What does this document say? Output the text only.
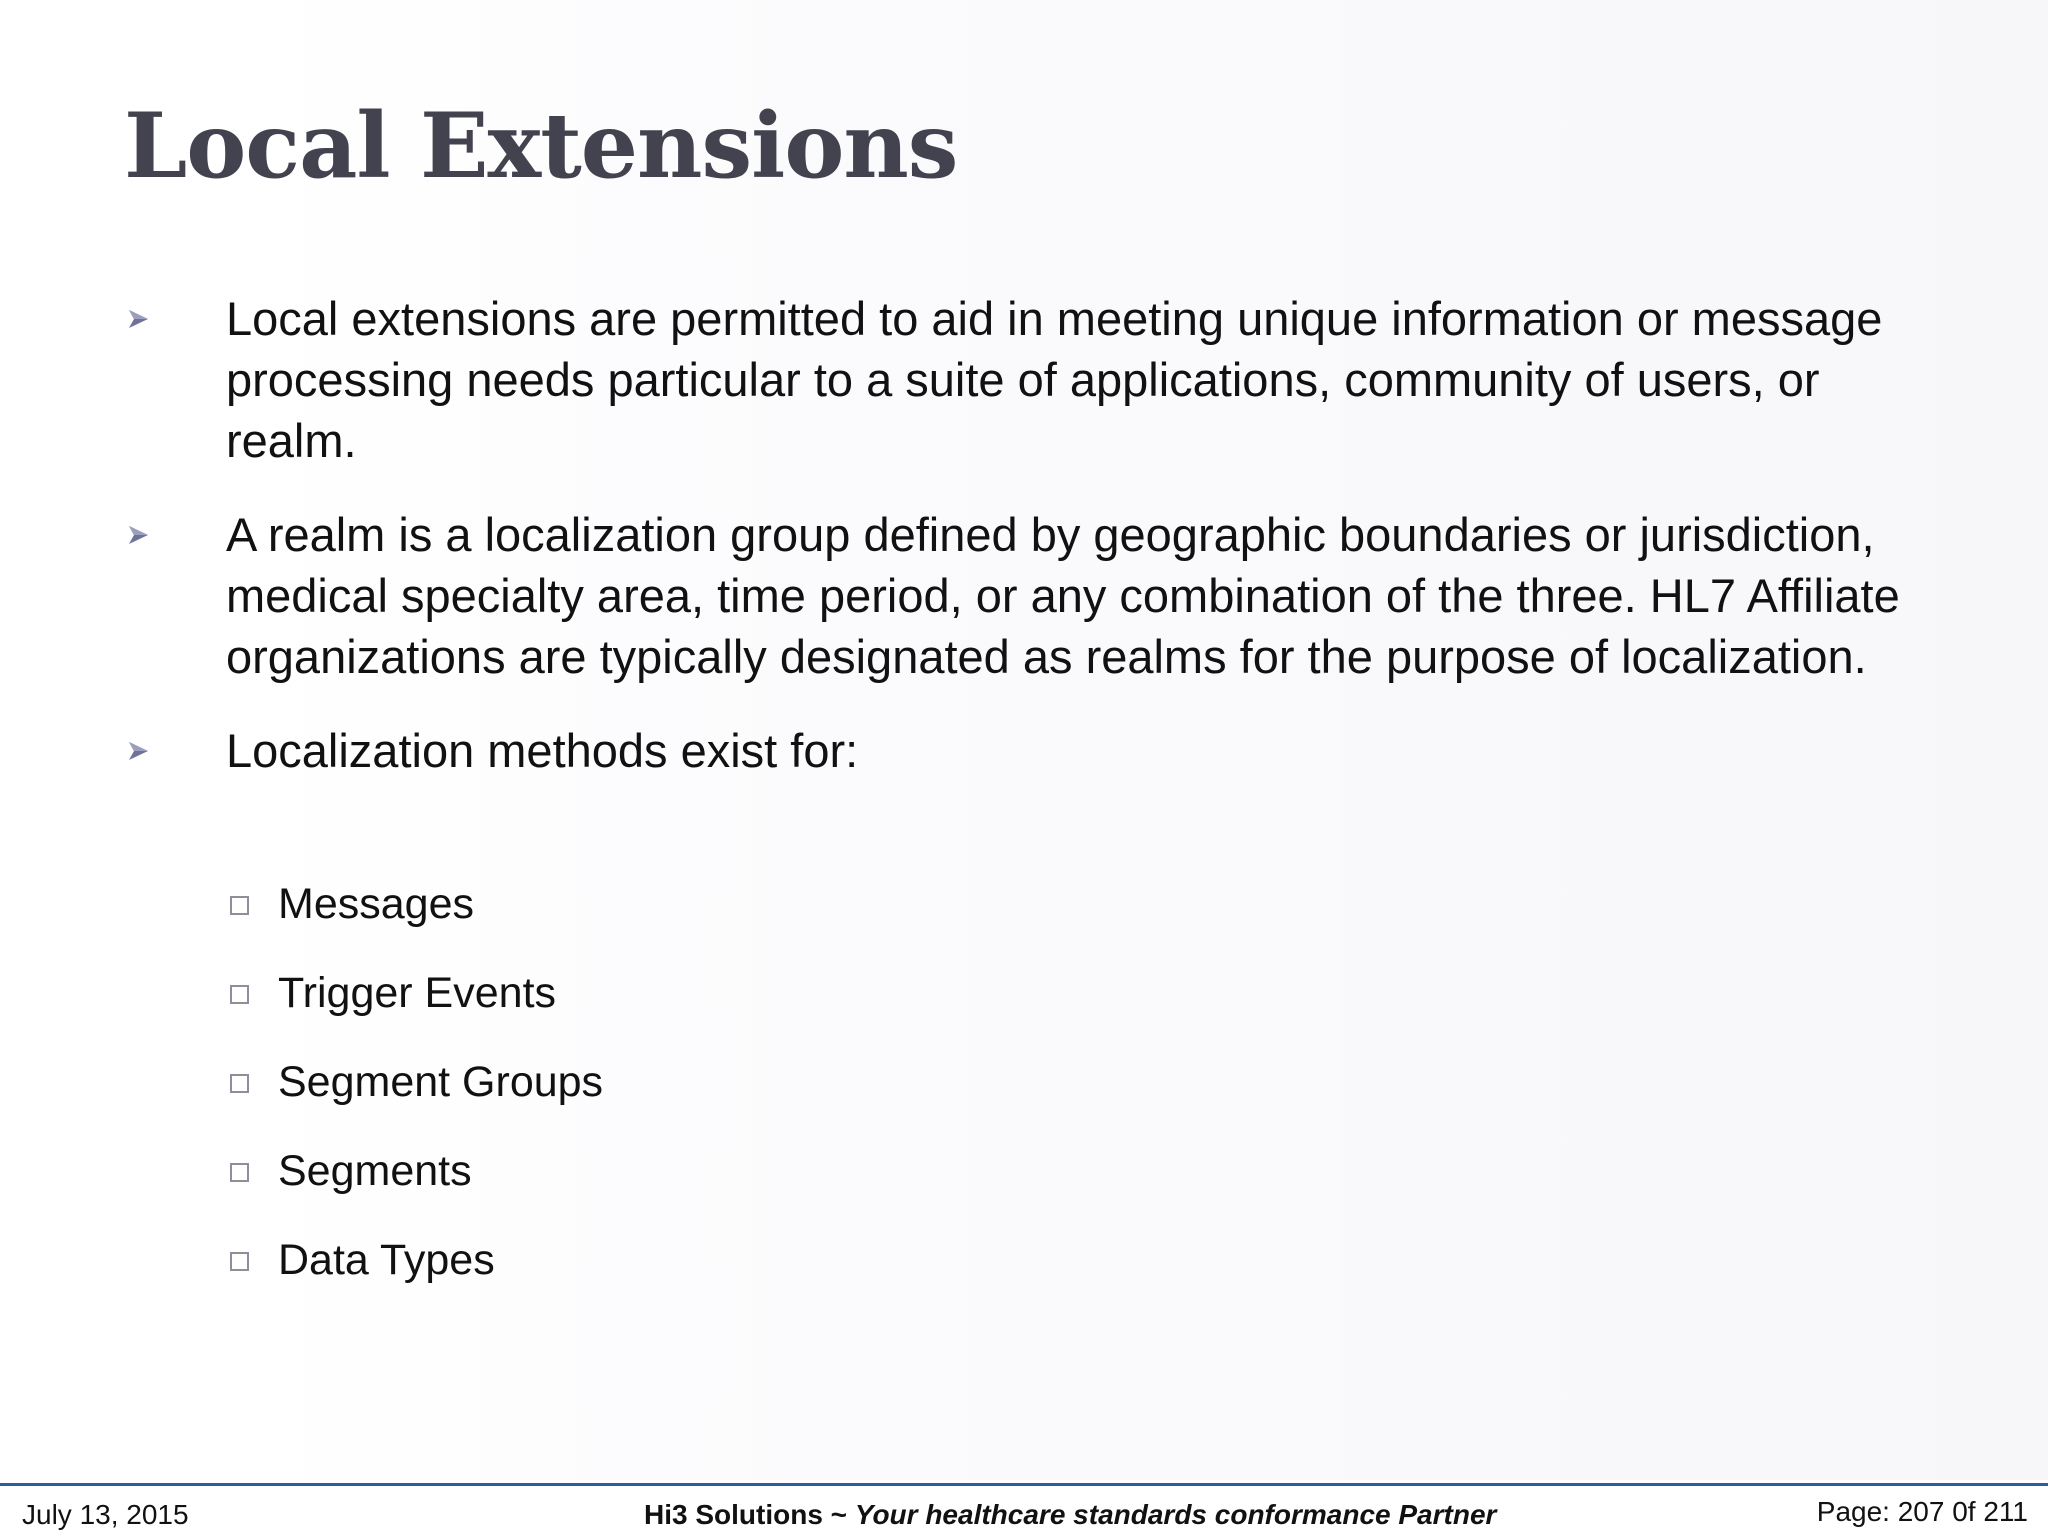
Local Extensions
Local extensions are permitted to aid in meeting unique information or message processing needs particular to a suite of applications, community of users, or realm.
A realm is a localization group defined by geographic boundaries or jurisdiction, medical specialty area, time period, or any combination of the three. HL7 Affiliate organizations are typically designated as realms for the purpose of localization.
Localization methods exist for:
Messages
Trigger Events
Segment Groups
Segments
Data Types
July 13, 2015	Hi3 Solutions ~ Your healthcare standards conformance Partner	Page: 207 0f 211
